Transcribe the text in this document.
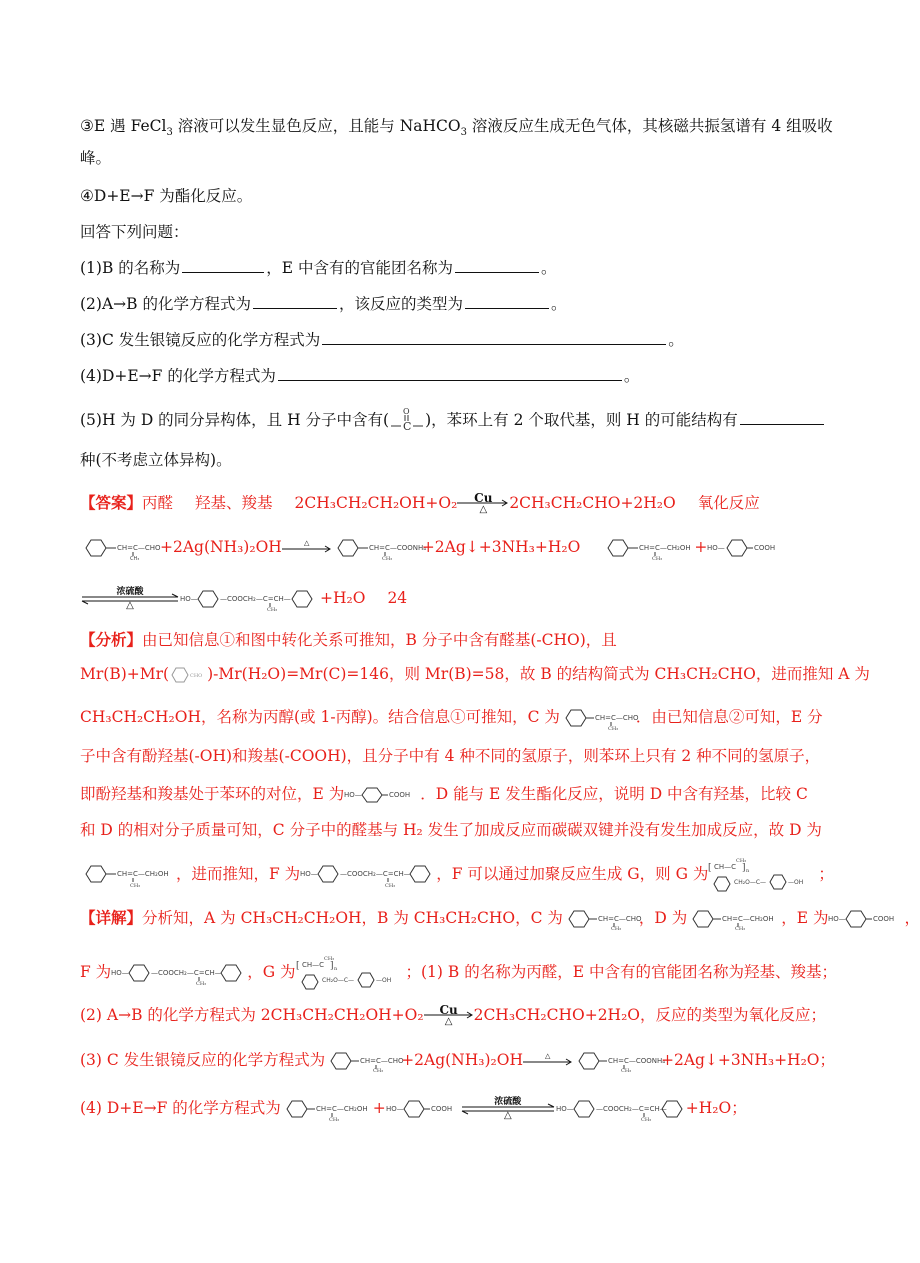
③E 遇 FeCl$_3$ 溶液可以发生显色反应，且能与 NaHCO$_3$ 溶液反应生成无色气体，其核磁共振氢谱有 4 组吸收
峰。
④D+E→F 为酯化反应。
回答下列问题：
(1)B 的名称为	，E 中含有的官能团名称为	。
(2)A→B 的化学方程式为	，该反应的类型为	。
(3)C 发生银镜反应的化学方程式为	。
(4)D+E→F 的化学方程式为	。
(5)H 为 D 的同分异构体，且 H 分子中含有( C
O )，苯环上有 2 个取代基，则 H 的可能结构有
种(不考虑立体异构)。
【答案】丙醛 羟基、羧基 2CH₃CH₂CH₂OH+O₂	Cu
△	2CH₃CH₂CHO+2H₂O 氧化反应
CH=C—CHO
CH₃
+2Ag(NH₃)₂OH	△
CH=C—COONH₄
CH₃
+2Ag↓+3NH₃+H₂O	CH=C—CH₂OH
CH₃
+ HO—	COOH
浓硫酸
△
HO—	—COOCH₂—C=CH—
CH₃
+H₂O 24
【分析】由已知信息①和图中转化关系可推知，B 分子中含有醛基(-CHO)，且
Mr(B)+Mr(	CHO )-Mr(H₂O)=Mr(C)=146，则 Mr(B)=58，故 B 的结构简式为 CH₃CH₂CHO，进而推知 A 为
CH₃CH₂CH₂OH，名称为丙醇(或 1-丙醇)。结合信息①可推知，C 为	CH=C—CHO
CH₃
．由已知信息②可知，E 分
子中含有酚羟基(-OH)和羧基(-COOH)，且分子中有 4 种不同的氢原子，则苯环上只有 2 种不同的氢原子，
即酚羟基和羧基处于苯环的对位，E 为 HO—	COOH ．D 能与 E 发生酯化反应，说明 D 中含有羟基，比较 C
和 D 的相对分子质量可知，C 分子中的醛基与 H₂ 发生了加成反应而碳碳双键并没有发生加成反应，故 D 为
CH=C—CH₂OH
CH₃
，进而推知，F 为 HO—	—COOCH₂—C=CH—
CH₃
，F 可以通过加聚反应生成 G，则 G 为 [ CH—C ] n
CH₂O—C—	—OH
CH₃
；
【详解】分析知，A 为 CH₃CH₂CH₂OH，B 为 CH₃CH₂CHO，C 为	CH=C—CHO
CH₃
，D 为	CH=C—CH₂OH
CH₃
，E 为 HO—	COOH ，
F 为 HO—	—COOCH₂—C=CH—
CH₃
，G 为 [ CH—C ] n
CH₂O—C—	—OH
CH₃
；(1) B 的名称为丙醛，E 中含有的官能团名称为羟基、羧基；
(2) A→B 的化学方程式为 2CH₃CH₂CH₂OH+O₂	Cu
△	2CH₃CH₂CHO+2H₂O，反应的类型为氧化反应；
(3) C 发生银镜反应的化学方程式为	CH=C—CHO
CH₃
+2Ag(NH₃)₂OH	△
CH=C—COONH₄
CH₃
+2Ag↓+3NH₃+H₂O；
(4) D+E→F 的化学方程式为	CH=C—CH₂OH
CH₃
+ HO—	COOH
浓硫酸
△
HO—	—COOCH₂—C=CH—
CH₃
+H₂O；
